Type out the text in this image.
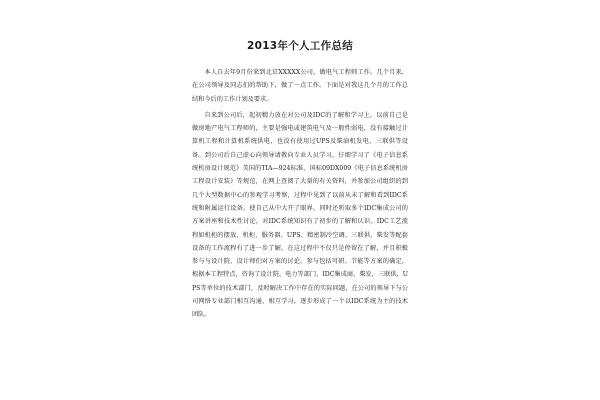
2013年个人工作总结

本人自去年9月份来到北京XXXXX公司，做电气工程师工作。几个月来，在公司领导及同志们的帮助下，做了一点工作。下面是对我这几个月的工作总结和今后的工作计划及要求。

自来到公司后，起初精力放在对公司及IDC的了解和学习上，以前自己是做房地产电气工程师的，主要是强电或建筑电气及一般性弱电，没有接触过计算机工程和计算机系统供电，也没有使用过UPS及柴油机发电、三联供等设备。到公司后自己虚心向领导请教向专业人员学习，仔细学习了《电子信息系统机房设计规范》美国的TIA—924标准、国标09DX009《电子信息系统机房工程设计安装》等规范，在网上查阅了大量的有关资料，并参加公司组织的到几个大型数据中心的参观学习考察，过程中见到了以前从未了解和看到IDC系统和附属运行设备。使自己从中大开了眼界，同时还听取多个IDC集成公司的方案讲座和技术性讨论，对IDC系统知识有了初步的了解和认识。IDC工艺流程如机柜的摆放、机柜、服务器、UPS、精密制冷空调、三联供、柴发等配套设备的工作流程有了进一步了解。在这过程中不仅只是停留在了解，并且积极参与与设计院、设计师们对方案的讨论，参与包括可研、节能等方案的确定，根据本工程特点，咨询了设计院、电力等部门，IDC集成商，柴发，三联供，UPS等单位的技术部门，及时解决工作中存在的实际问题，在公司的领导下与公司网络专业部门相互沟通，相互学习，逐步形成了一个以IDC系统为主的技术团队。
